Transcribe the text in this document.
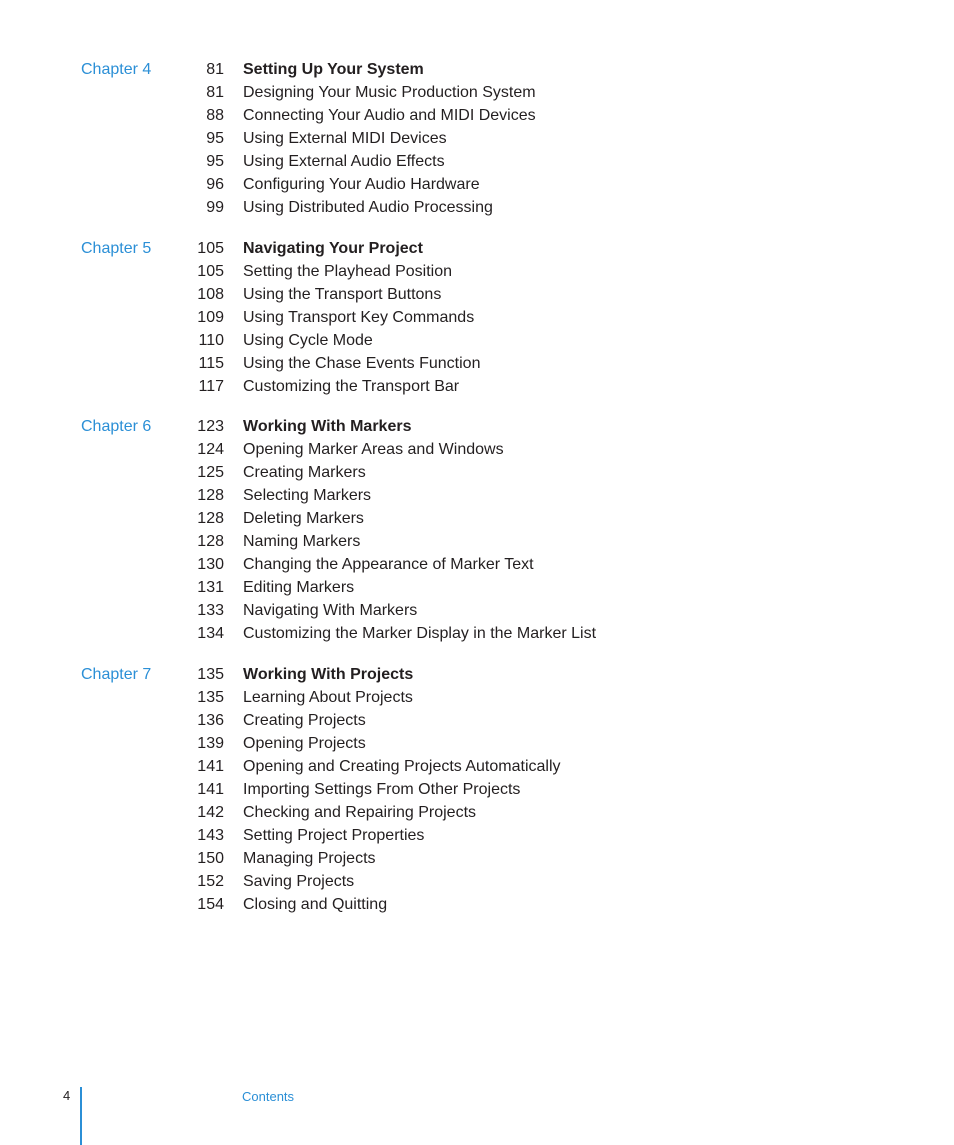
Chapter 4	81 Setting Up Your System
81 Designing Your Music Production System
88 Connecting Your Audio and MIDI Devices
95 Using External MIDI Devices
95 Using External Audio Effects
96 Configuring Your Audio Hardware
99 Using Distributed Audio Processing
Chapter 5	105 Navigating Your Project
105 Setting the Playhead Position
108 Using the Transport Buttons
109 Using Transport Key Commands
110 Using Cycle Mode
115 Using the Chase Events Function
117 Customizing the Transport Bar
Chapter 6	123 Working With Markers
124 Opening Marker Areas and Windows
125 Creating Markers
128 Selecting Markers
128 Deleting Markers
128 Naming Markers
130 Changing the Appearance of Marker Text
131 Editing Markers
133 Navigating With Markers
134 Customizing the Marker Display in the Marker List
Chapter 7	135 Working With Projects
135 Learning About Projects
136 Creating Projects
139 Opening Projects
141 Opening and Creating Projects Automatically
141 Importing Settings From Other Projects
142 Checking and Repairing Projects
143 Setting Project Properties
150 Managing Projects
152 Saving Projects
154 Closing and Quitting
4	Contents
